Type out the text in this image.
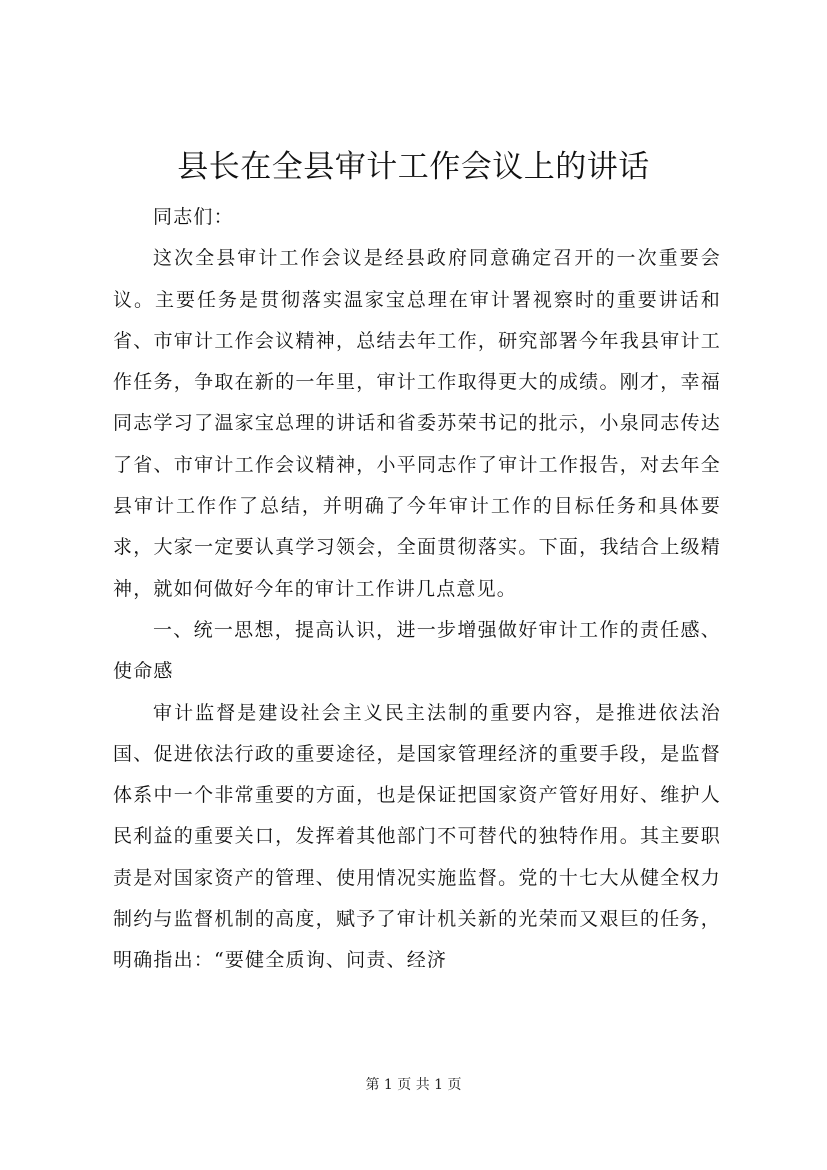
县长在全县审计工作会议上的讲话

同志们：

这次全县审计工作会议是经县政府同意确定召开的一次重要会议。主要任务是贯彻落实温家宝总理在审计署视察时的重要讲话和省、市审计工作会议精神，总结去年工作，研究部署今年我县审计工作任务，争取在新的一年里，审计工作取得更大的成绩。刚才，幸福同志学习了温家宝总理的讲话和省委苏荣书记的批示，小泉同志传达了省、市审计工作会议精神，小平同志作了审计工作报告，对去年全县审计工作作了总结，并明确了今年审计工作的目标任务和具体要求，大家一定要认真学习领会，全面贯彻落实。下面，我结合上级精神，就如何做好今年的审计工作讲几点意见。

一、统一思想，提高认识，进一步增强做好审计工作的责任感、使命感

审计监督是建设社会主义民主法制的重要内容，是推进依法治国、促进依法行政的重要途径，是国家管理经济的重要手段，是监督体系中一个非常重要的方面，也是保证把国家资产管好用好、维护人民利益的重要关口，发挥着其他部门不可替代的独特作用。其主要职责是对国家资产的管理、使用情况实施监督。党的十七大从健全权力制约与监督机制的高度，赋予了审计机关新的光荣而又艰巨的任务，明确指出：“要健全质询、问责、经济

第 1 页 共 1 页
